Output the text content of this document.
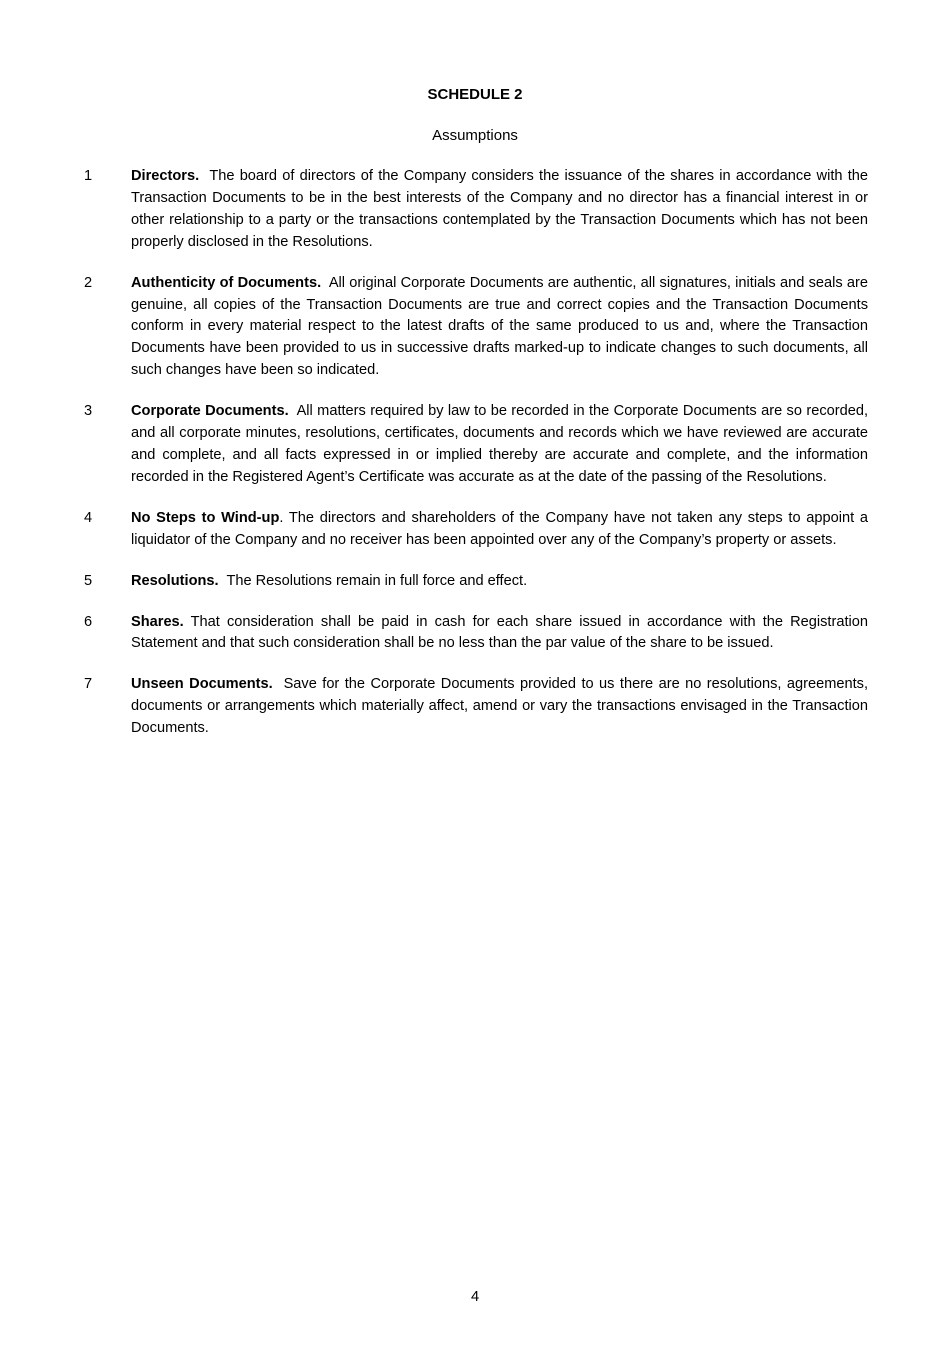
SCHEDULE 2
Assumptions
1	Directors. The board of directors of the Company considers the issuance of the shares in accordance with the Transaction Documents to be in the best interests of the Company and no director has a financial interest in or other relationship to a party or the transactions contemplated by the Transaction Documents which has not been properly disclosed in the Resolutions.
2	Authenticity of Documents. All original Corporate Documents are authentic, all signatures, initials and seals are genuine, all copies of the Transaction Documents are true and correct copies and the Transaction Documents conform in every material respect to the latest drafts of the same produced to us and, where the Transaction Documents have been provided to us in successive drafts marked-up to indicate changes to such documents, all such changes have been so indicated.
3	Corporate Documents. All matters required by law to be recorded in the Corporate Documents are so recorded, and all corporate minutes, resolutions, certificates, documents and records which we have reviewed are accurate and complete, and all facts expressed in or implied thereby are accurate and complete, and the information recorded in the Registered Agent’s Certificate was accurate as at the date of the passing of the Resolutions.
4	No Steps to Wind-up. The directors and shareholders of the Company have not taken any steps to appoint a liquidator of the Company and no receiver has been appointed over any of the Company’s property or assets.
5	Resolutions. The Resolutions remain in full force and effect.
6	Shares. That consideration shall be paid in cash for each share issued in accordance with the Registration Statement and that such consideration shall be no less than the par value of the share to be issued.
7	Unseen Documents. Save for the Corporate Documents provided to us there are no resolutions, agreements, documents or arrangements which materially affect, amend or vary the transactions envisaged in the Transaction Documents.
4
